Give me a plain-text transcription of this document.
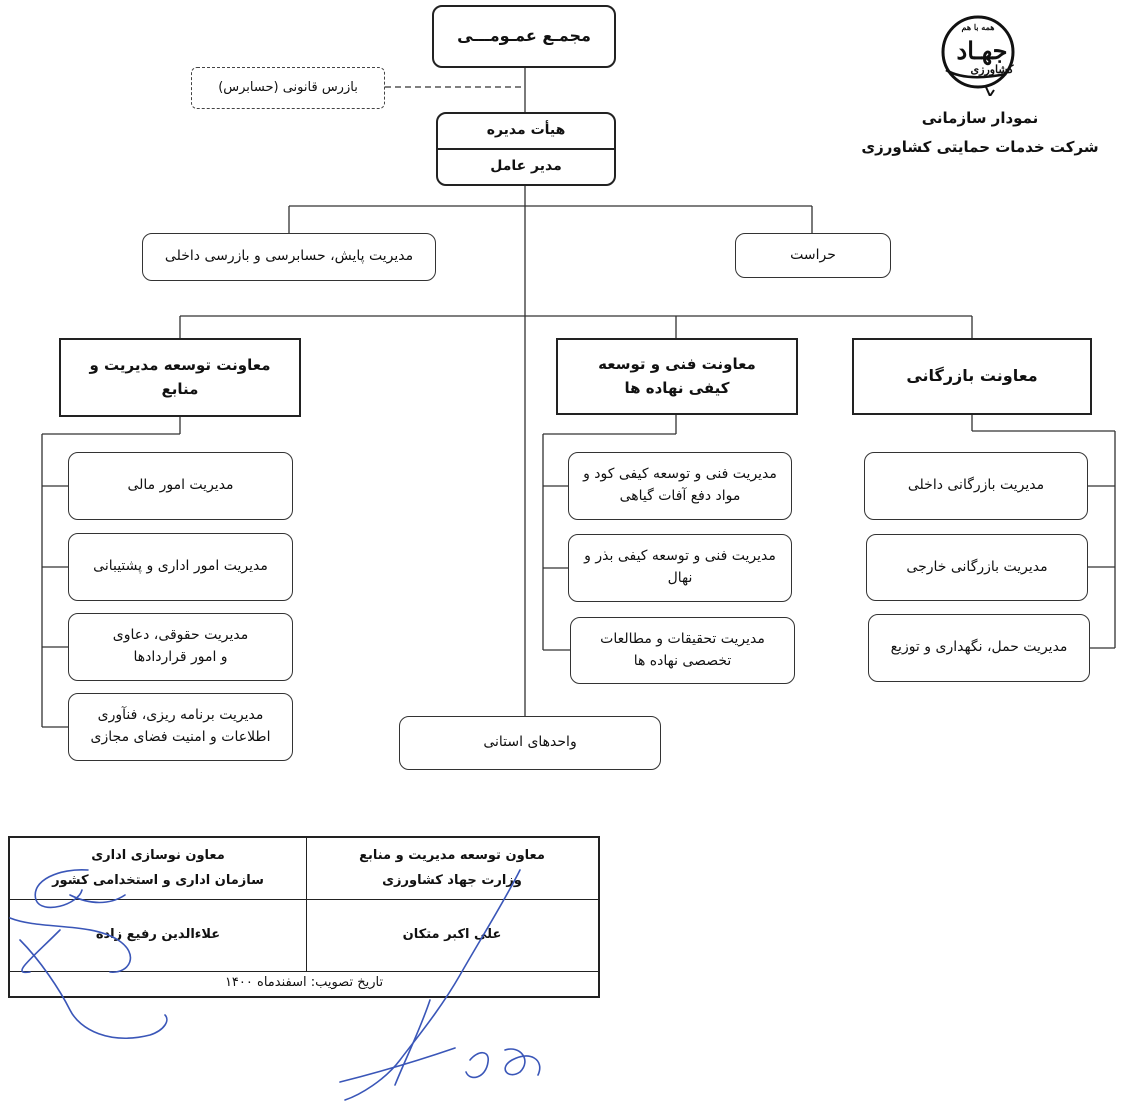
همه با هم
جهـاد
کشاورزی
نمودار سازمانی
شرکت خدمات حمایتی کشاورزی
مجمـع عمـومـــی
بازرس قانونی (حسابرس)
هیأت مدیره
مدیر عامل
مدیریت پایش، حسابرسی و بازرسی داخلی	حراست
معاونت توسعه مدیریت و منابع
معاونت فنی و توسعه
کیفی نهاده ها
معاونت بازرگانی
مدیریت امور مالی
مدیریت امور اداری و پشتیبانی
مدیریت حقوقی، دعاوی
و امور قراردادها
مدیریت برنامه ریزی، فنآوری
اطلاعات و امنیت فضای مجازی
مدیریت فنی و توسعه کیفی کود و
مواد دفع آفات گیاهی
مدیریت فنی و توسعه کیفی بذر و
نهال
مدیریت تحقیقات و مطالعات
تخصصی نهاده ها
مدیریت بازرگانی داخلی
مدیریت بازرگانی خارجی
مدیریت حمل، نگهداری و توزیع
واحدهای استانی
معاون نوسازی اداری
سازمان اداری و استخدامی کشور
معاون توسعه مدیریت و منابع
وزارت جهاد کشاورزی
علاءالدین رفیع زاده	علی اکبر متکان
تاریخ تصویب: اسفندماه ۱۴۰۰
